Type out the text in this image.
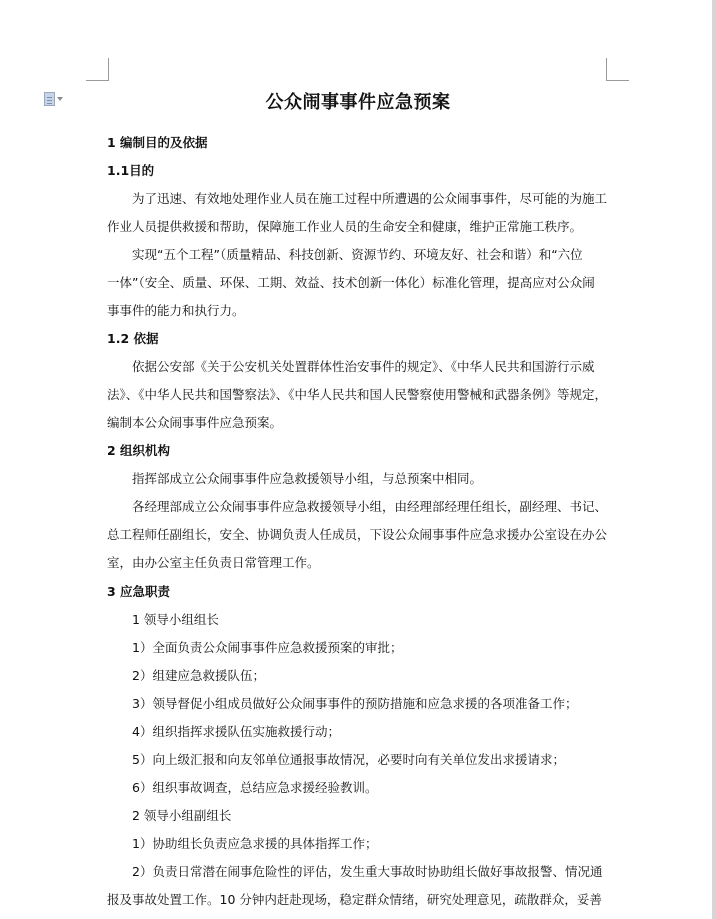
公众闹事事件应急预案
1 编制目的及依据
1.1目的
为了迅速、有效地处理作业人员在施工过程中所遭遇的公众闹事事件，尽可能的为施工
作业人员提供救援和帮助，保障施工作业人员的生命安全和健康，维护正常施工秩序。
实现“五个工程”（质量精品、科技创新、资源节约、环境友好、社会和谐）和“六位
一体”（安全、质量、环保、工期、效益、技术创新一体化）标准化管理，提高应对公众闹
事事件的能力和执行力。
1.2 依据
依据公安部《关于公安机关处置群体性治安事件的规定》、《中华人民共和国游行示威
法》、《中华人民共和国警察法》、《中华人民共和国人民警察使用警械和武器条例》等规定，
编制本公众闹事事件应急预案。
2 组织机构
指挥部成立公众闹事事件应急救援领导小组，与总预案中相同。
各经理部成立公众闹事事件应急救援领导小组，由经理部经理任组长，副经理、书记、
总工程师任副组长，安全、协调负责人任成员，下设公众闹事事件应急求援办公室设在办公
室，由办公室主任负责日常管理工作。
3 应急职责
1 领导小组组长
1）全面负责公众闹事事件应急救援预案的审批；
2）组建应急救援队伍；
3）领导督促小组成员做好公众闹事事件的预防措施和应急求援的各项准备工作；
4）组织指挥求援队伍实施救援行动；
5）向上级汇报和向友邻单位通报事故情况，必要时向有关单位发出求援请求；
6）组织事故调查，总结应急求援经验教训。
2 领导小组副组长
1）协助组长负责应急求援的具体指挥工作；
2）负责日常潜在闹事危险性的评估，发生重大事故时协助组长做好事故报警、情况通
报及事故处置工作。10 分钟内赶赴现场，稳定群众情绪，研究处理意见，疏散群众，妥善
